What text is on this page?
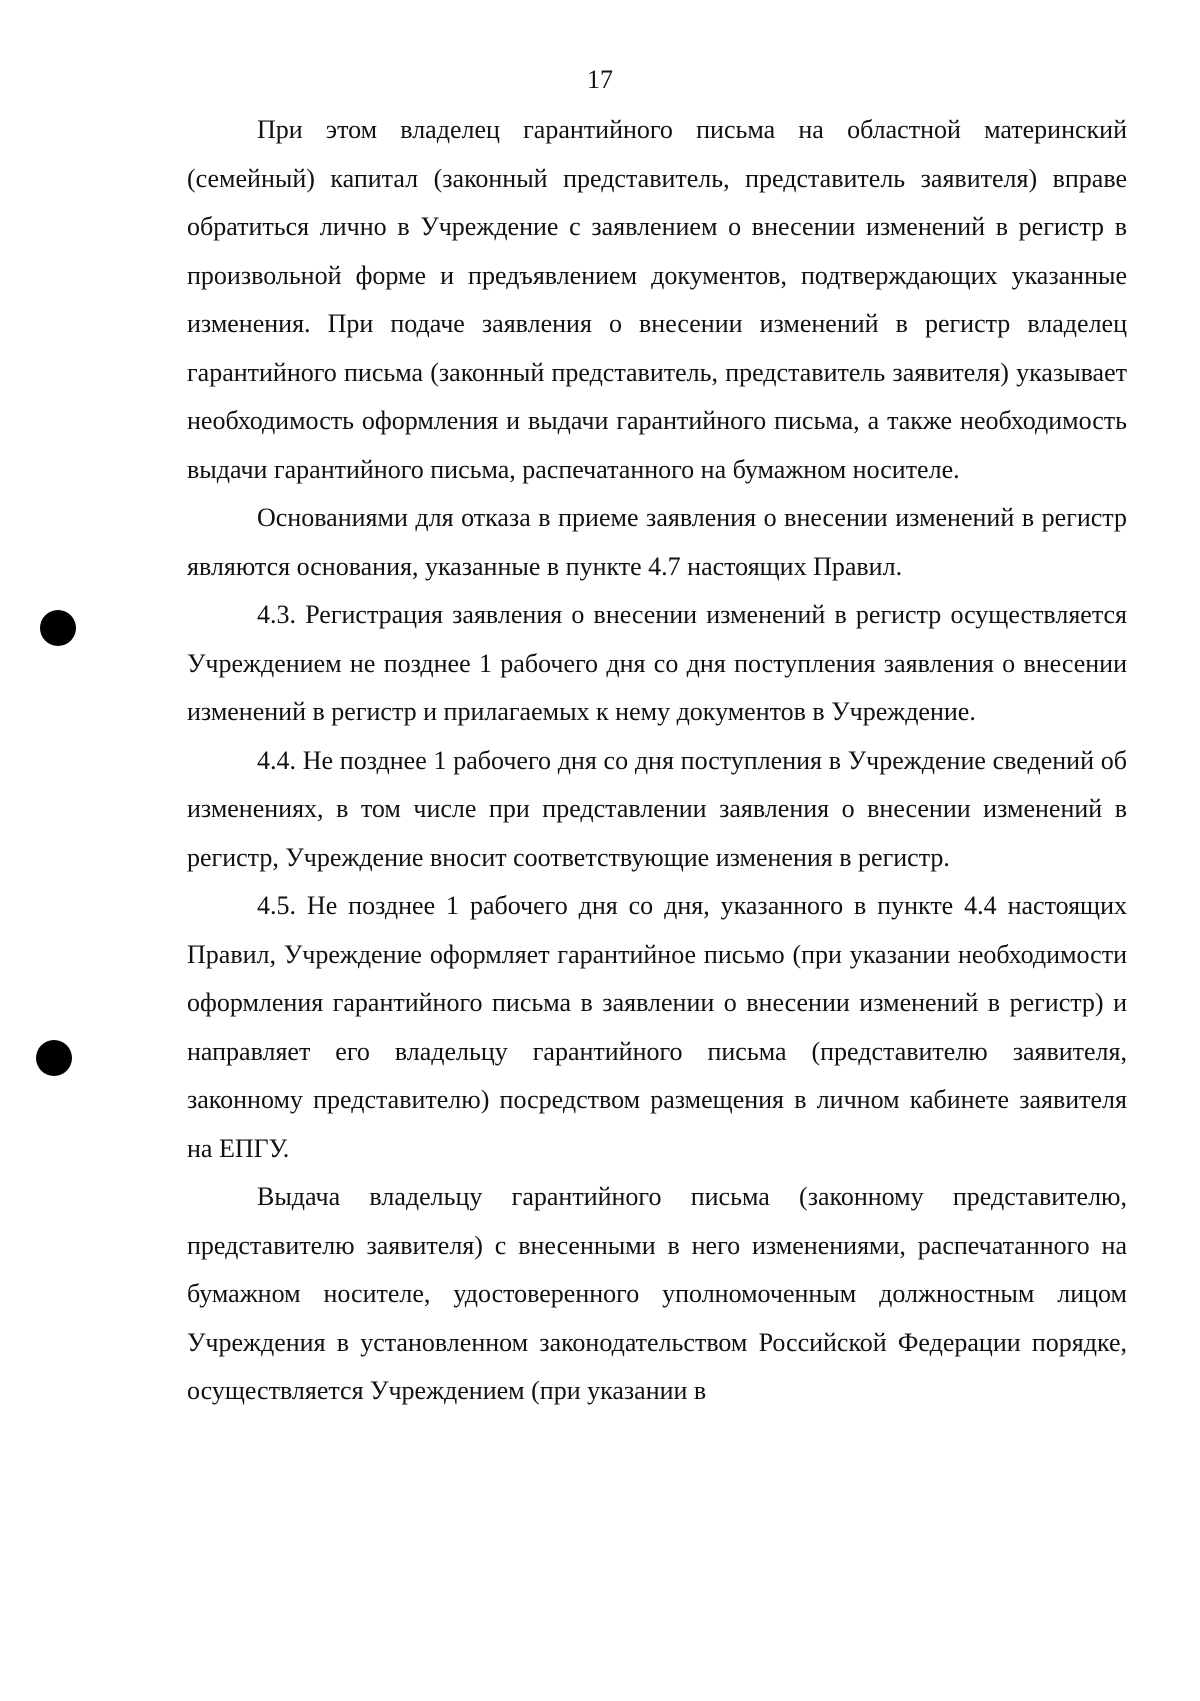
17

При этом владелец гарантийного письма на областной материнский (семейный) капитал (законный представитель, представитель заявителя) вправе обратиться лично в Учреждение с заявлением о внесении изменений в регистр в произвольной форме и предъявлением документов, подтверждающих указанные изменения. При подаче заявления о внесении изменений в регистр владелец гарантийного письма (законный представитель, представитель заявителя) указывает необходимость оформления и выдачи гарантийного письма, а также необходимость выдачи гарантийного письма, распечатанного на бумажном носителе.

Основаниями для отказа в приеме заявления о внесении изменений в регистр являются основания, указанные в пункте 4.7 настоящих Правил.

4.3. Регистрация заявления о внесении изменений в регистр осуществляется Учреждением не позднее 1 рабочего дня со дня поступления заявления о внесении изменений в регистр и прилагаемых к нему документов в Учреждение.

4.4. Не позднее 1 рабочего дня со дня поступления в Учреждение сведений об изменениях, в том числе при представлении заявления о внесении изменений в регистр, Учреждение вносит соответствующие изменения в регистр.

4.5. Не позднее 1 рабочего дня со дня, указанного в пункте 4.4 настоящих Правил, Учреждение оформляет гарантийное письмо (при указании необходимости оформления гарантийного письма в заявлении о внесении изменений в регистр) и направляет его владельцу гарантийного письма (представителю заявителя, законному представителю) посредством размещения в личном кабинете заявителя на ЕПГУ.

Выдача владельцу гарантийного письма (законному представителю, представителю заявителя) с внесенными в него изменениями, распечатанного на бумажном носителе, удостоверенного уполномоченным должностным лицом Учреждения в установленном законодательством Российской Федерации порядке, осуществляется Учреждением (при указании в
